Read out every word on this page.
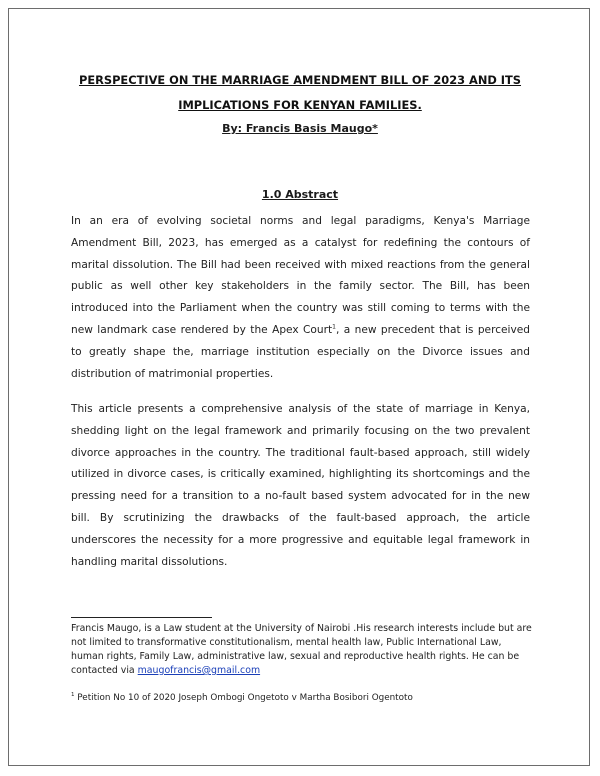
PERSPECTIVE ON THE MARRIAGE AMENDMENT BILL OF 2023 AND ITS
IMPLICATIONS FOR KENYAN FAMILIES.
By: Francis Basis Maugo*
1.0 Abstract

In an era of evolving societal norms and legal paradigms, Kenya's Marriage Amendment Bill, 2023, has emerged as a catalyst for redefining the contours of marital dissolution. The Bill had been received with mixed reactions from the general public as well other key stakeholders in the family sector. The Bill, has been introduced into the Parliament when the country was still coming to terms with the new landmark case rendered by the Apex Court$^1$, a new precedent that is perceived to greatly shape the, marriage institution especially on the Divorce issues and distribution of matrimonial properties.

This article presents a comprehensive analysis of the state of marriage in Kenya, shedding light on the legal framework and primarily focusing on the two prevalent divorce approaches in the country. The traditional fault-based approach, still widely utilized in divorce cases, is critically examined, highlighting its shortcomings and the pressing need for a transition to a no-fault based system advocated for in the new bill. By scrutinizing the drawbacks of the fault-based approach, the article underscores the necessity for a more progressive and equitable legal framework in handling marital dissolutions.

Francis Maugo, is a Law student at the University of Nairobi .His research interests include but are not limited to transformative constitutionalism, mental health law, Public International Law, human rights, Family Law, administrative law, sexual and reproductive health rights. He can be contacted via maugofrancis@gmail.com

$^1$ Petition No 10 of 2020 Joseph Ombogi Ongetoto v Martha Bosibori Ogentoto
